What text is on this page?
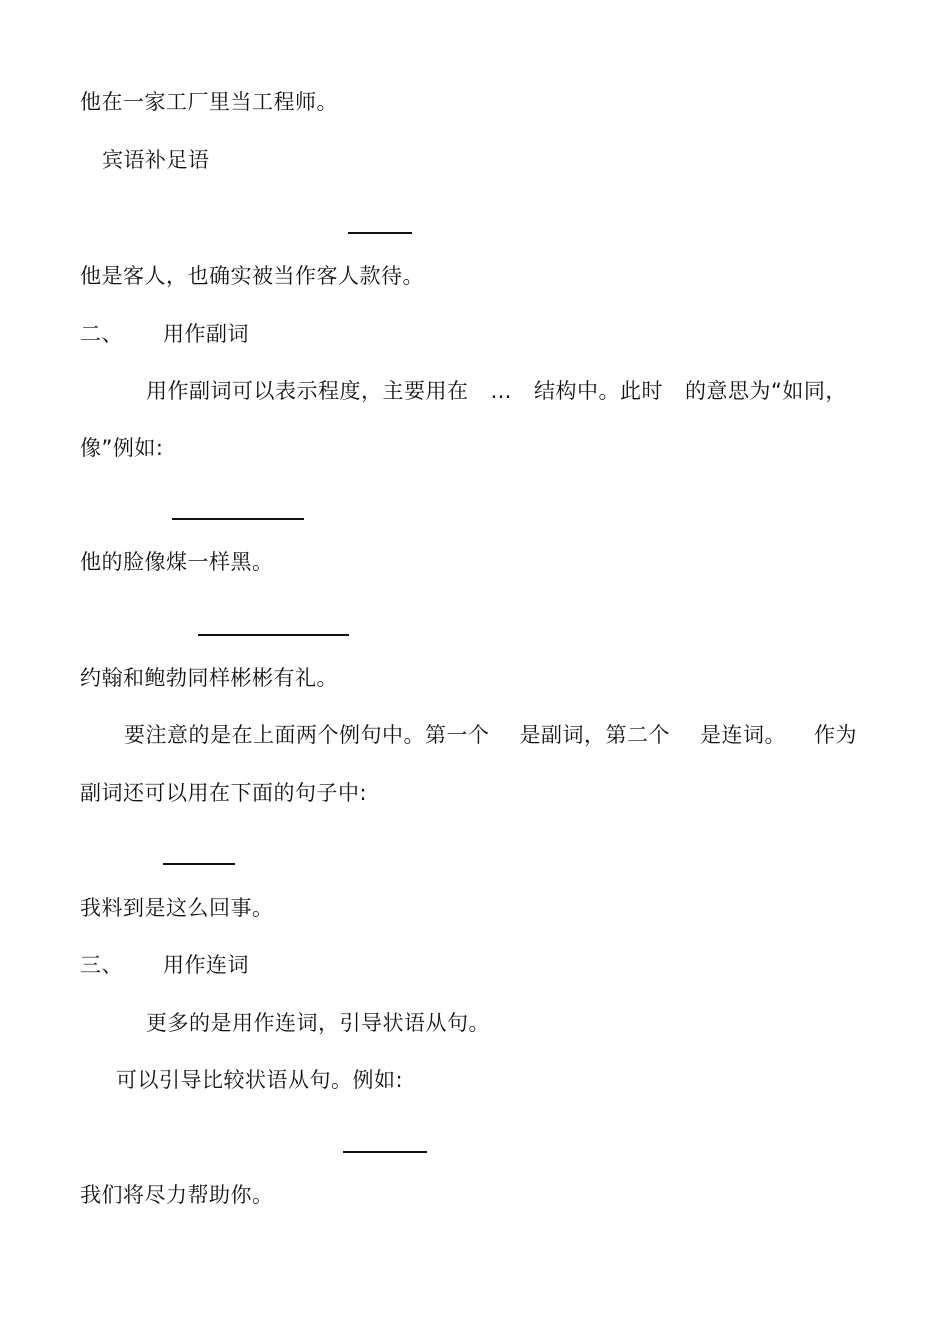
他在一家工厂里当工程师。
宾语补足语
他是客人，也确实被当作客人款待。
二、 用作副词
用作副词可以表示程度，主要用在 … 结构中。此时 的意思为“如同，
像”例如:
他的脸像煤一样黑。
约翰和鲍勃同样彬彬有礼。
要注意的是在上面两个例句中。第一个 是副词，第二个 是连词。 作为
副词还可以用在下面的句子中:
我料到是这么回事。
三、 用作连词
更多的是用作连词，引导状语从句。
可以引导比较状语从句。例如:
我们将尽力帮助你。
